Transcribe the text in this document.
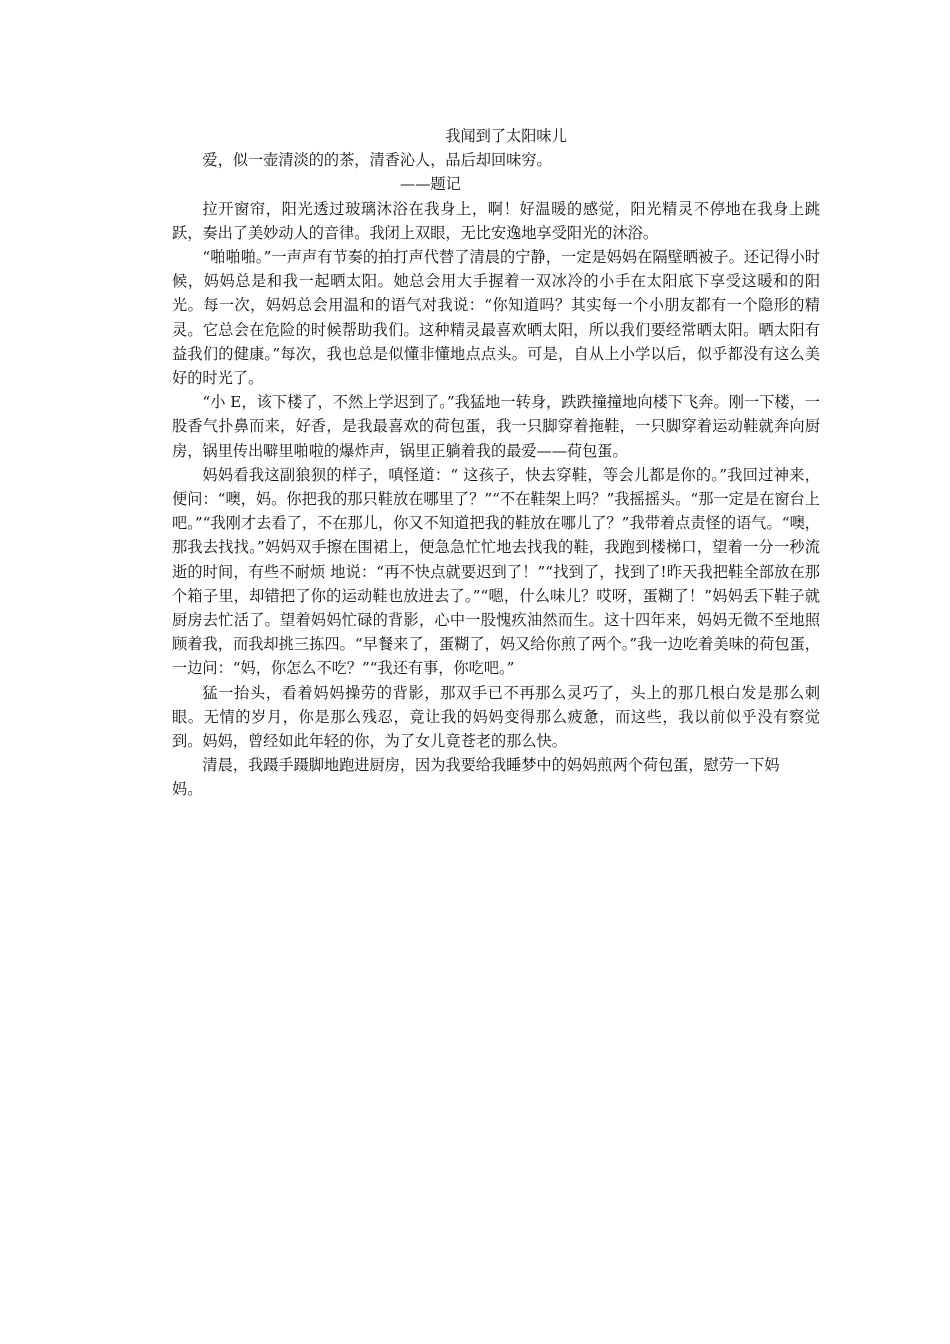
我闻到了太阳味儿

爱，似一壶清淡的的茶，清香沁人，品后却回味穷。

——题记

拉开窗帘，阳光透过玻璃沐浴在我身上，啊！好温暖的感觉，阳光精灵不停地在我身上跳跃，奏出了美妙动人的音律。我闭上双眼，无比安逸地享受阳光的沐浴。

“啪啪啪。”一声声有节奏的拍打声代替了清晨的宁静，一定是妈妈在隔壁晒被子。还记得小时候，妈妈总是和我一起晒太阳。她总会用大手握着一双冰冷的小手在太阳底下享受这暖和的阳光。每一次，妈妈总会用温和的语气对我说：“你知道吗？其实每一个小朋友都有一个隐形的精灵。它总会在危险的时候帮助我们。这种精灵最喜欢晒太阳，所以我们要经常晒太阳。晒太阳有益我们的健康。”每次，我也总是似懂非懂地点点头。可是，自从上小学以后，似乎都没有这么美好的时光了。

“小 E，该下楼了，不然上学迟到了。”我猛地一转身，跌跌撞撞地向楼下飞奔。刚一下楼，一股香气扑鼻而来，好香，是我最喜欢的荷包蛋，我一只脚穿着拖鞋，一只脚穿着运动鞋就奔向厨房，锅里传出噼里啪啦的爆炸声，锅里正躺着我的最爱——荷包蛋。

妈妈看我这副狼狈的样子，嗔怪道：“ 这孩子，快去穿鞋，等会儿都是你的。”我回过神来，便问：“噢，妈。你把我的那只鞋放在哪里了？”“不在鞋架上吗？”我摇摇头。“那一定是在窗台上吧。”“我刚才去看了，不在那儿，你又不知道把我的鞋放在哪儿了？”我带着点责怪的语气。“噢，那我去找找。”妈妈双手擦在围裙上，便急急忙忙地去找我的鞋，我跑到楼梯口，望着一分一秒流逝的时间，有些不耐烦 地说：“再不快点就要迟到了！”“找到了，找到了!昨天我把鞋全部放在那个箱子里，却错把了你的运动鞋也放进去了。”“嗯，什么味儿？哎呀，蛋糊了！”妈妈丢下鞋子就厨房去忙活了。望着妈妈忙碌的背影，心中一股愧疚油然而生。这十四年来，妈妈无微不至地照顾着我，而我却挑三拣四。“早餐来了，蛋糊了，妈又给你煎了两个。”我一边吃着美味的荷包蛋，一边问：“妈，你怎么不吃？”“我还有事，你吃吧。”

猛一抬头，看着妈妈操劳的背影，那双手已不再那么灵巧了，头上的那几根白发是那么刺眼。无情的岁月，你是那么残忍，竟让我的妈妈变得那么疲惫，而这些，我以前似乎没有察觉到。妈妈，曾经如此年轻的你，为了女儿竟苍老的那么快。

清晨，我蹑手蹑脚地跑进厨房，因为我要给我睡梦中的妈妈煎两个荷包蛋，慰劳一下妈妈。
